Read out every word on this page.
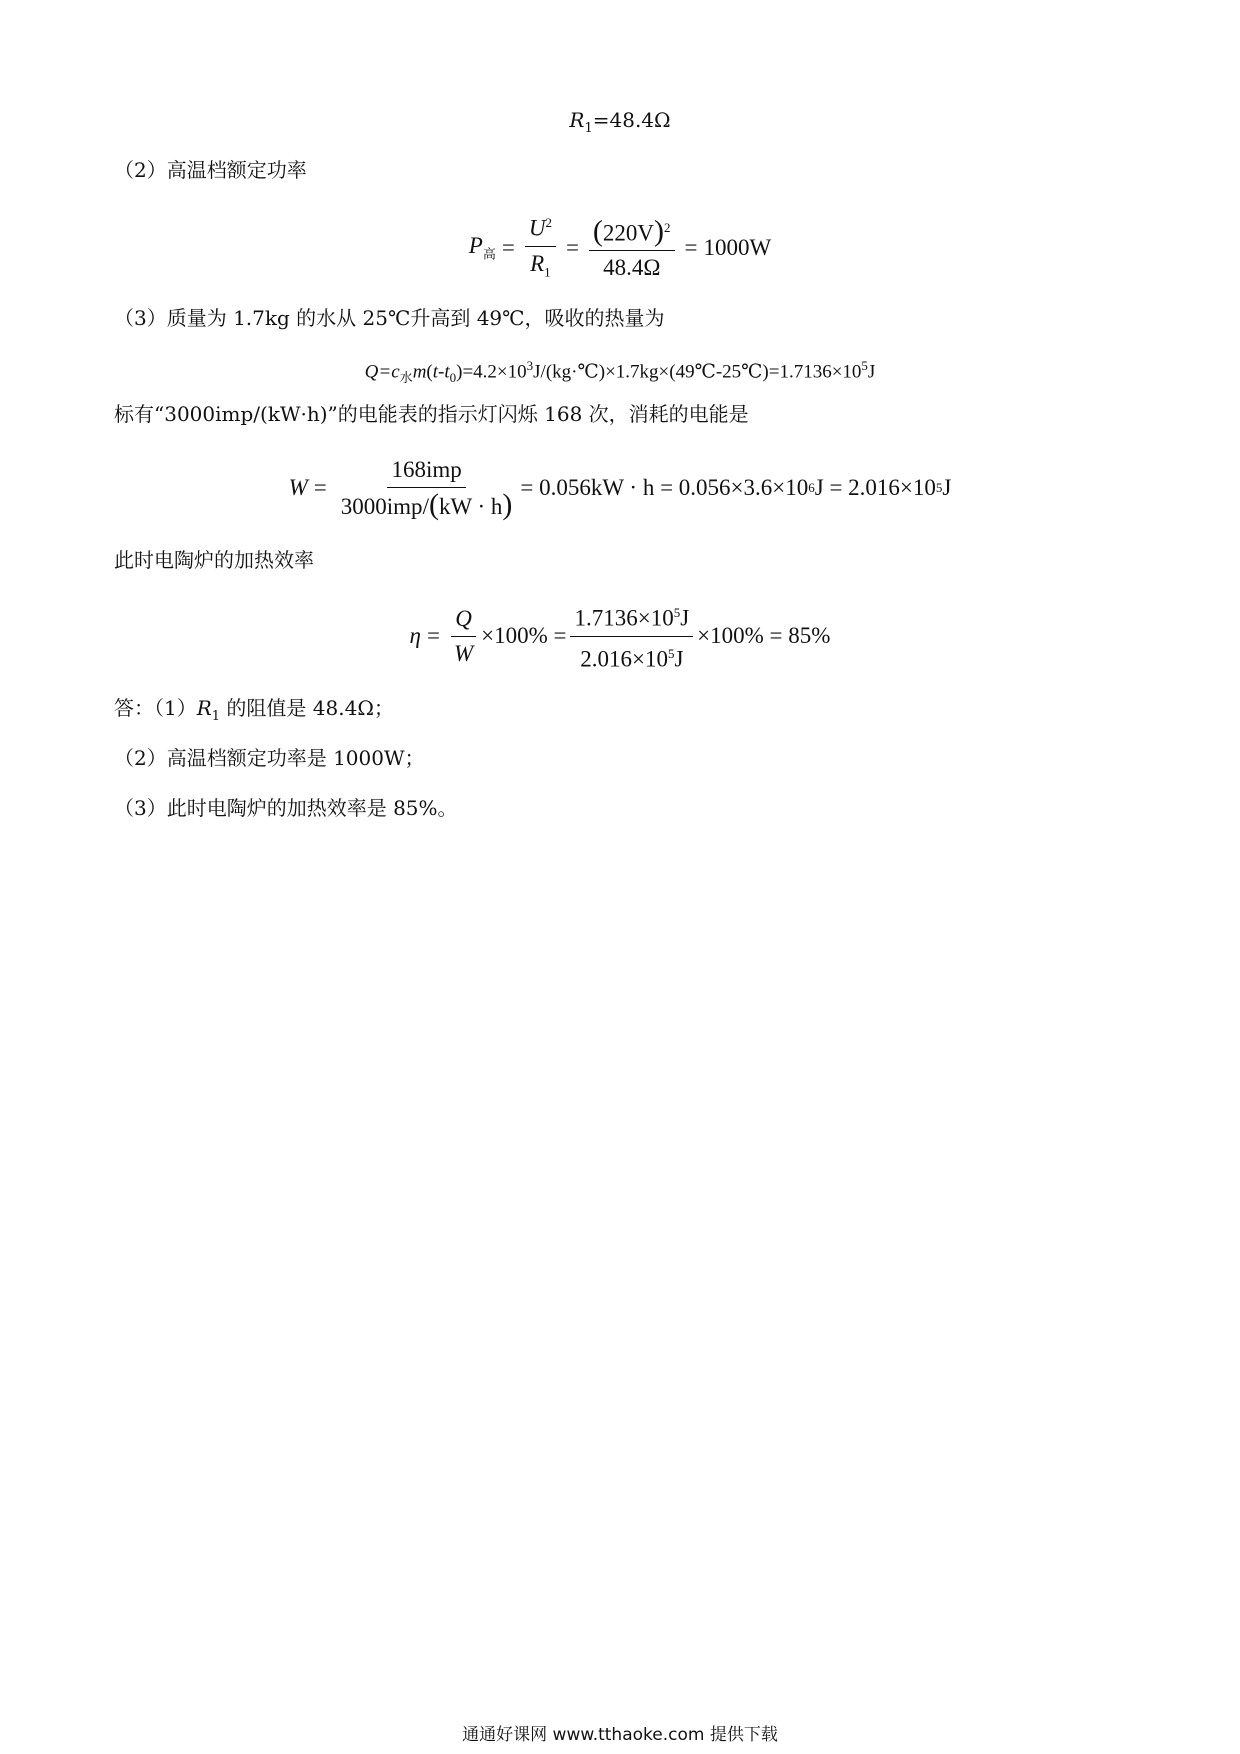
$R_1=48.4\Omega$
（2）高温档额定功率
$P_高 = \frac{U^2}{R_1} = \frac{(220V)^2}{48.4\Omega} = 1000W$
（3）质量为 1.7kg 的水从 25℃升高到 49℃，吸收的热量为
$Q=c_水m(t-t_0)=4.2\times 10^3J/(kg\cdot℃)\times 1.7kg\times(49℃-25℃)=1.7136\times 10^5J$
标有“3000imp/(kW·h)”的电能表的指示灯闪烁 168 次，消耗的电能是
$W = \frac{\text{168imp}}{\text{3000imp/(kW · h)}} = 0.056kW \cdot h = 0.056\times 3.6\times 10$ 6 J = 2.016×10 5 J
此时电陶炉的加热效率
$\eta = \frac{Q}{W} \times 100\% = \frac{1.7136\times 10^5J}{2.016\times 10^5J} \times 100\% = 85\%$
答：$(1)R_1$ 的阻值是 48.4Ω；
（2）高温档额定功率是 1000W；
（3）此时电陶炉的加热效率是 85%。
通通好课网 www.tthaoke.com 提供下载
